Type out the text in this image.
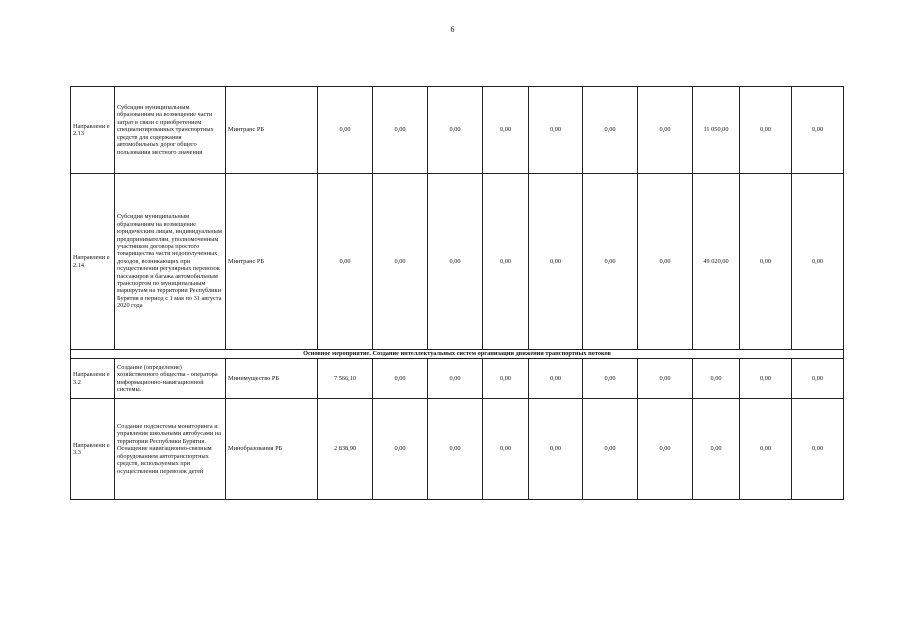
6
Направлени е 2.13	Субсидии муниципальным образованиям на возмещение части затрат в связи с приобретением специализированных транспортных средств для содержания автомобильных дорог общего пользования местного значения	Минтранс РБ	0,00	0,00	0,00	0,00	0,00	0,00	0,00	11 050,00	0,00	0,00
Направлени е 2.14	Субсидия муниципальным образованиям на возмещение юридическим лицам, индивидуальным предпринимателям, уполномоченным участником договора простого товарищества части недополученных доходов, возникающих при осуществлении регулярных перевозок пассажиров и багажа автомобильным транспортом по муниципальным маршрутам на территории Республики Бурятия в период с 1 мая по 31 августа 2020 года	Минтранс РБ	0,00	0,00	0,00	0,00	0,00	0,00	0,00	49 020,00	0,00	0,00
Основное мероприятие. Создание интеллектуальных систем организации движения транспортных потоков												
Направлени е 3.2	Создание (определение) хозяйственного общества - оператора информационно-навигационной системы.	Минимущество РБ	7 566,10	0,00	0,00	0,00	0,00	0,00	0,00	0,00	0,00	0,00
Направлени е 3.3	Создание подсистемы мониторинга и управления школьными автобусами на территории Республики Бурятия. Оснащение навигационно-связным оборудованием автотранспортных средств, используемых при осуществлении перевозок детей	Минобразования РБ	2 838,90	0,00	0,00	0,00	0,00	0,00	0,00	0,00	0,00	0,00
